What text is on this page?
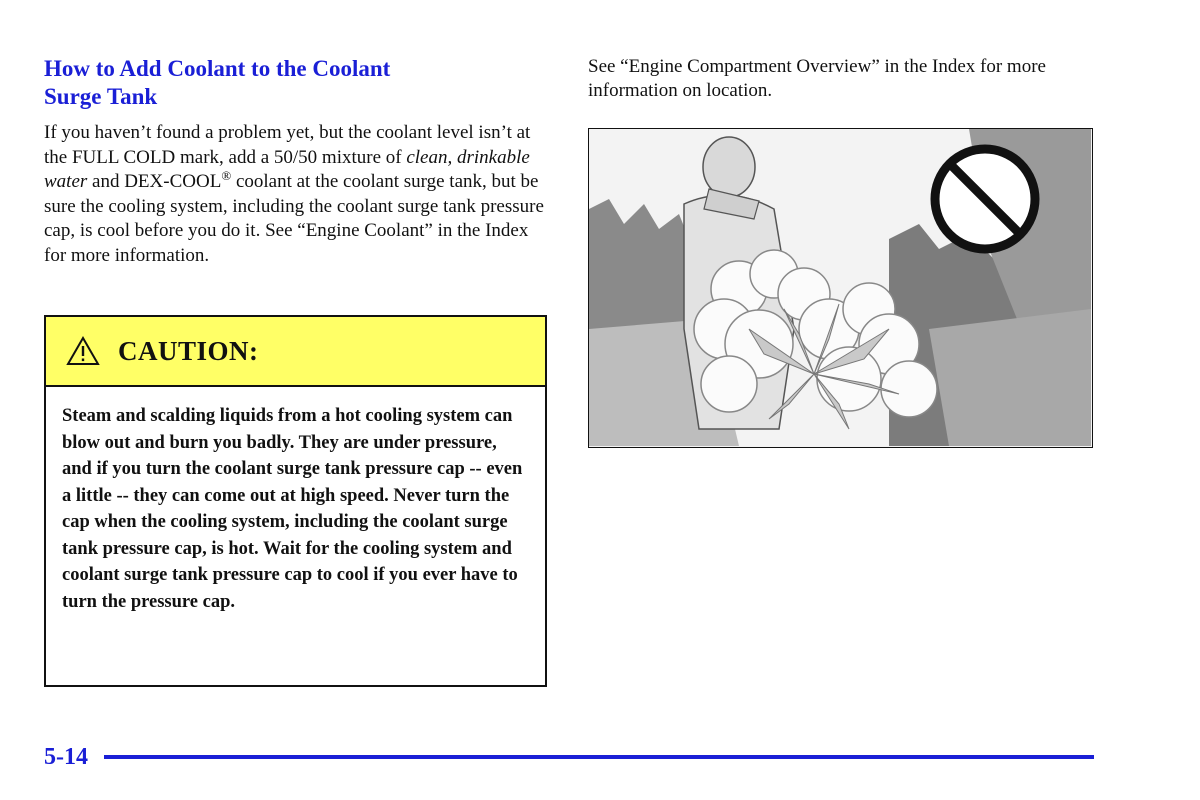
How to Add Coolant to the Coolant
Surge Tank

If you haven’t found a problem yet, but the coolant level isn’t at the FULL COLD mark, add a 50/50 mixture of clean, drinkable water and DEX-COOL® coolant at the coolant surge tank, but be sure the cooling system, including the coolant surge tank pressure cap, is cool before you do it. See “Engine Coolant” in the Index for more information.

CAUTION:
Steam and scalding liquids from a hot cooling system can blow out and burn you badly. They are under pressure, and if you turn the coolant surge tank pressure cap -- even a little -- they can come out at high speed. Never turn the cap when the cooling system, including the coolant surge tank pressure cap, is hot. Wait for the cooling system and coolant surge tank pressure cap to cool if you ever have to turn the pressure cap.

See “Engine Compartment Overview” in the Index for more information on location.

5-14
